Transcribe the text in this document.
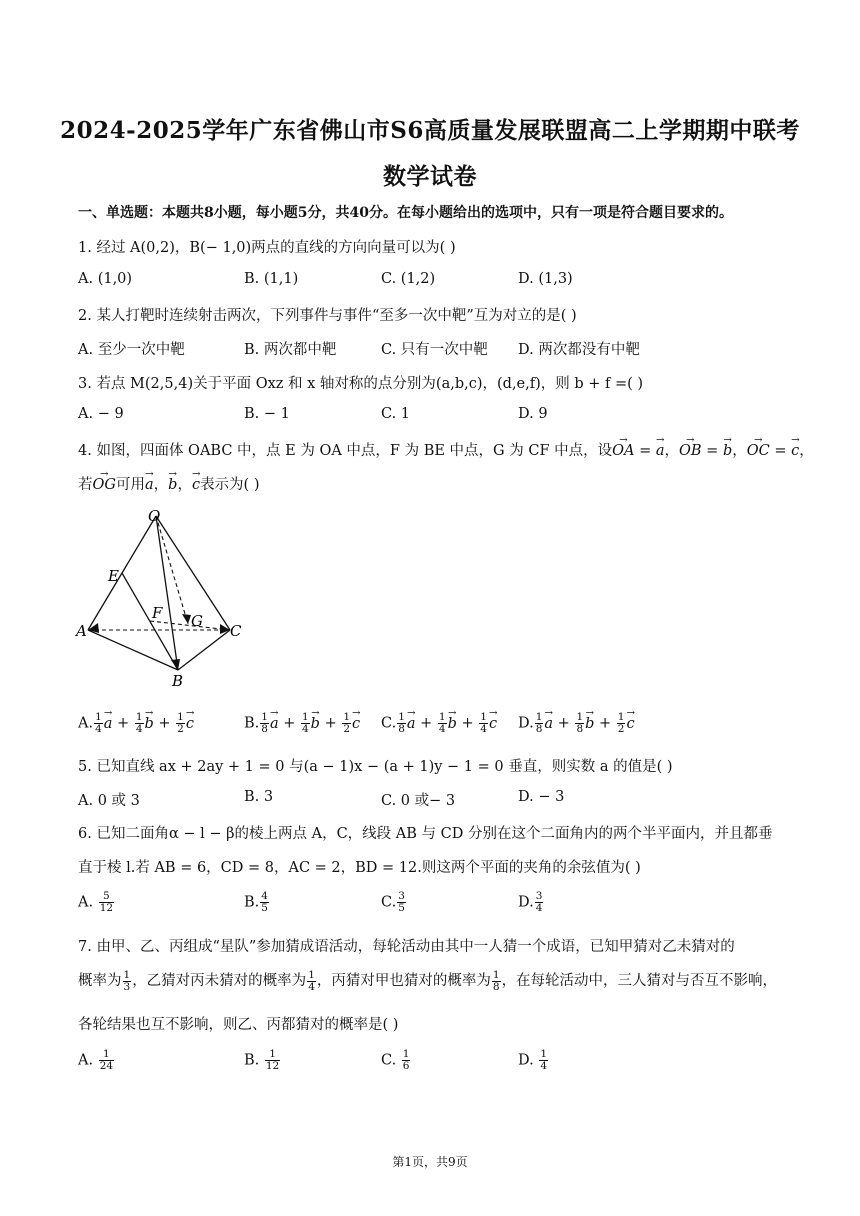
2024-2025学年广东省佛山市S6高质量发展联盟高二上学期期中联考
数学试卷
一、单选题：本题共8小题，每小题5分，共40分。在每小题给出的选项中，只有一项是符合题目要求的。
1. 经过 A(0,2)，B(− 1,0)两点的直线的方向向量可以为( )
A. (1,0)	B. (1,1)	C. (1,2)	D. (1,3)
2. 某人打靶时连续射击两次，下列事件与事件“至多一次中靶”互为对立的是( )
A. 至少一次中靶	B. 两次都中靶	C. 只有一次中靶 D. 两次都没有中靶
3. 若点 M(2,5,4)关于平面 Oxz 和 x 轴对称的点分别为(a,b,c)，(d,e,f)，则 b + f =( )
A. − 9	B. − 1	C. 1	D. 9
4. 如图，四面体 OABC 中，点 E 为 OA 中点，F 为 BE 中点，G 为 CF 中点，设→ OA = → a，→ OB = → b，→ OC = → c，
若→ OG可用→ a，→ b，→ c表示为( )
O
E
A
F G
C
B
A. $\frac{1}{4}$
→ $a + \frac{1}{4}$
→ $b + \frac{1}{2}$
→ c	B. $\frac{1}{8}$
→ $a + \frac{1}{4}$
→ $b + \frac{1}{2}$
→ c C. $\frac{1}{8}$
→ $a + \frac{1}{4}$
→ $b + \frac{1}{4}$
→ c D. $\frac{1}{8}$
→ $a + \frac{1}{8}$
→ $b + \frac{1}{2}$
→ c
5. 已知直线 ax + 2ay + 1 = 0 与(a − 1)x − (a + 1)y − 1 = 0 垂直，则实数 a 的值是( )
A. 0 或 3	B. 3	C. 0 或− 3	D. − 3
6. 已知二面角α − l − β的棱上两点 A，C，线段 AB 与 CD 分别在这个二面角内的两个半平面内，并且都垂
直于棱 l.若 AB = 6，CD = 8，AC = 2，BD = 12.则这两个平面的夹角的余弦值为( )
A. $\frac{5}{12}$	B. $\frac{4}{5}$	C. $\frac{3}{5}$	D. $\frac{3}{4}$
7. 由甲、乙、丙组成“星队”参加猜成语活动，每轮活动由其中一人猜一个成语，已知甲猜对乙未猜对的
概率为 $\frac{1}{3}$ ，乙猜对丙未猜对的概率为 $\frac{1}{4}$ ，丙猜对甲也猜对的概率为 $\frac{1}{8}$ ，在每轮活动中，三人猜对与否互不影响，
各轮结果也互不影响，则乙、丙都猜对的概率是( )
A. $\frac{1}{24}$	B. $\frac{1}{12}$	C. $\frac{1}{6}$	D. $\frac{1}{4}$
第1页，共9页
